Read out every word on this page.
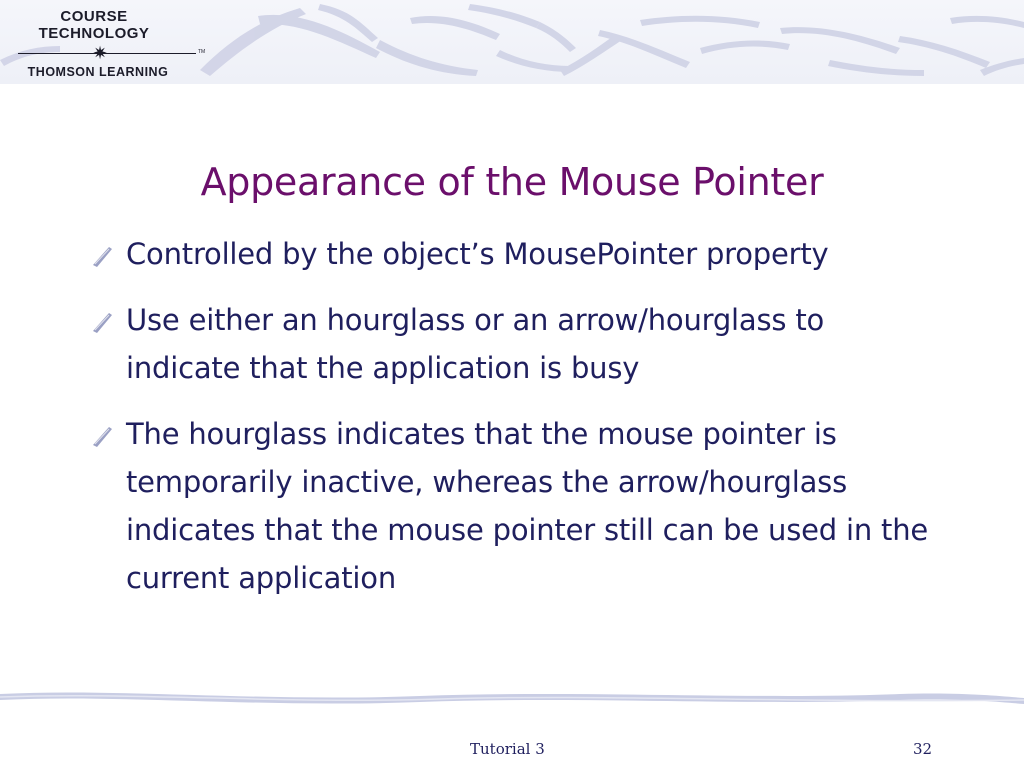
COURSE
TECHNOLOGY
✷	TM
THOMSON LEARNING
Appearance of the Mouse Pointer
Controlled by the object’s MousePointer property
Use either an hourglass or an arrow/hourglass to indicate that the application is busy
The hourglass indicates that the mouse pointer is temporarily inactive, whereas the arrow/hourglass indicates that the mouse pointer still can be used in the current application
Tutorial 3	32
